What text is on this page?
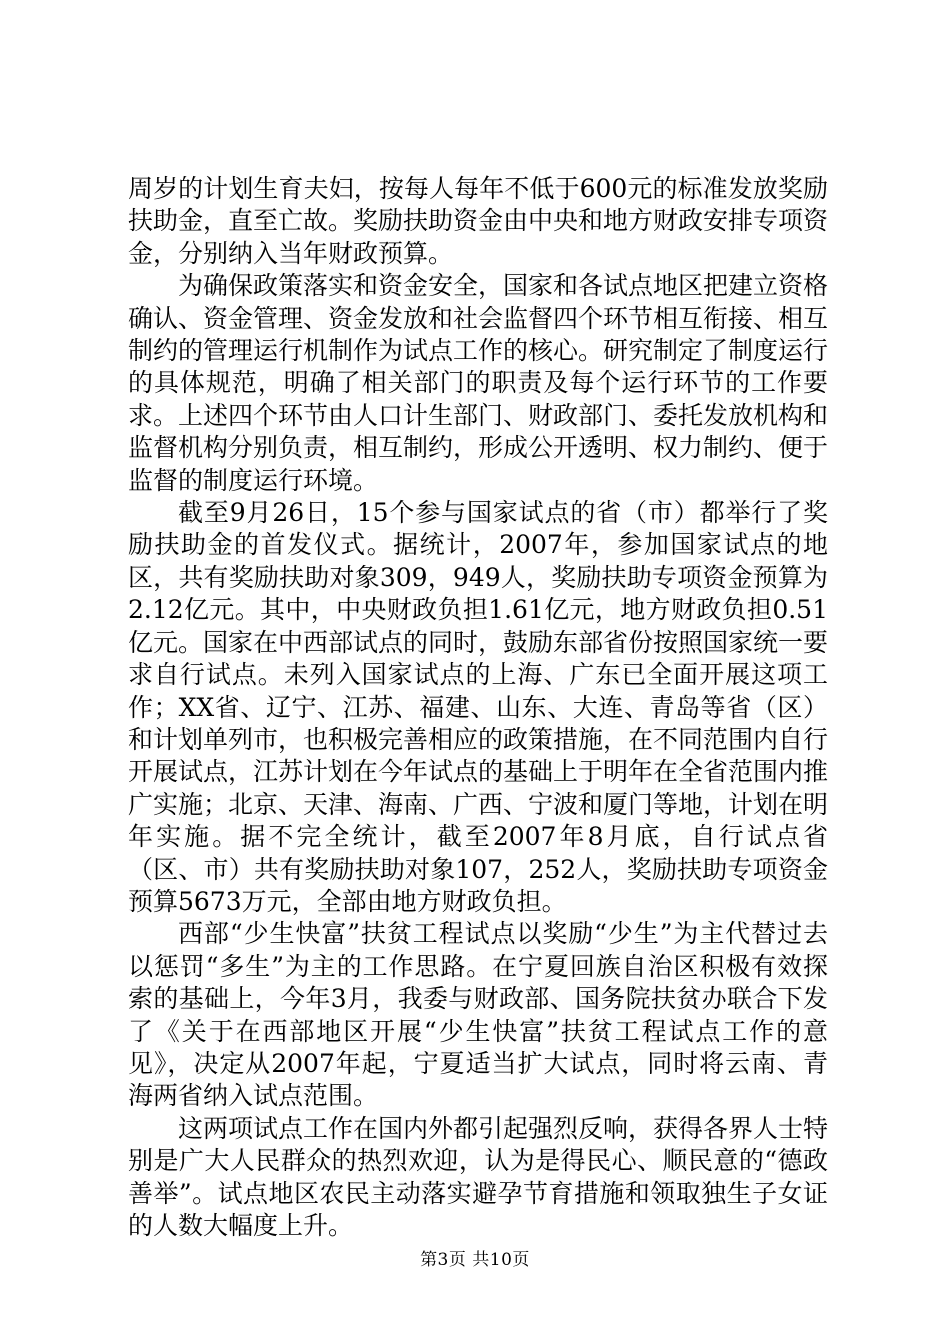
周岁的计划生育夫妇，按每人每年不低于600元的标准发放奖励扶助金，直至亡故。奖励扶助资金由中央和地方财政安排专项资金，分别纳入当年财政预算。

为确保政策落实和资金安全，国家和各试点地区把建立资格确认、资金管理、资金发放和社会监督四个环节相互衔接、相互制约的管理运行机制作为试点工作的核心。研究制定了制度运行的具体规范，明确了相关部门的职责及每个运行环节的工作要求。上述四个环节由人口计生部门、财政部门、委托发放机构和监督机构分别负责，相互制约，形成公开透明、权力制约、便于监督的制度运行环境。

截至9月26日，15个参与国家试点的省（市）都举行了奖励扶助金的首发仪式。据统计，2007年，参加国家试点的地区，共有奖励扶助对象309，949人，奖励扶助专项资金预算为2.12亿元。其中，中央财政负担1.61亿元，地方财政负担0.51亿元。国家在中西部试点的同时，鼓励东部省份按照国家统一要求自行试点。未列入国家试点的上海、广东已全面开展这项工作；XX省、辽宁、江苏、福建、山东、大连、青岛等省（区）和计划单列市，也积极完善相应的政策措施，在不同范围内自行开展试点，江苏计划在今年试点的基础上于明年在全省范围内推广实施；北京、天津、海南、广西、宁波和厦门等地，计划在明年实施。据不完全统计，截至2007年8月底，自行试点省（区、市）共有奖励扶助对象107，252人，奖励扶助专项资金预算5673万元，全部由地方财政负担。

西部“少生快富”扶贫工程试点以奖励“少生”为主代替过去以惩罚“多生”为主的工作思路。在宁夏回族自治区积极有效探索的基础上，今年3月，我委与财政部、国务院扶贫办联合下发了《关于在西部地区开展“少生快富”扶贫工程试点工作的意见》，决定从2007年起，宁夏适当扩大试点，同时将云南、青海两省纳入试点范围。

这两项试点工作在国内外都引起强烈反响，获得各界人士特别是广大人民群众的热烈欢迎，认为是得民心、顺民意的“德政善举”。试点地区农民主动落实避孕节育措施和领取独生子女证的人数大幅度上升。

第3页 共10页
